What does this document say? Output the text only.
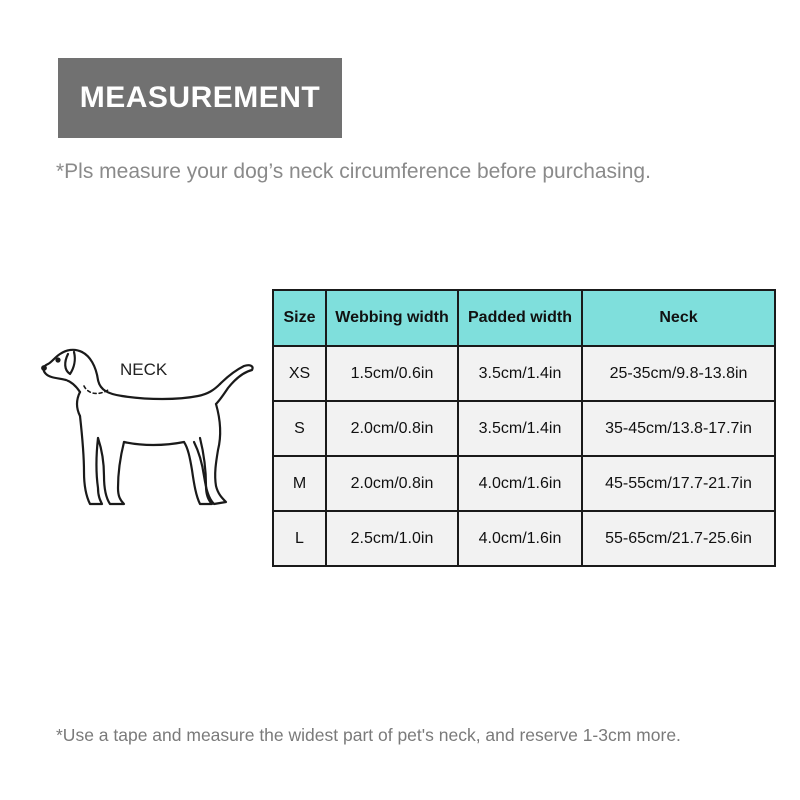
MEASUREMENT
*Pls measure your dog’s neck circumference before purchasing.
NECK
Size	Webbing width	Padded width	Neck
XS	1.5cm/0.6in	3.5cm/1.4in	25-35cm/9.8-13.8in
S	2.0cm/0.8in	3.5cm/1.4in	35-45cm/13.8-17.7in
M	2.0cm/0.8in	4.0cm/1.6in	45-55cm/17.7-21.7in
L	2.5cm/1.0in	4.0cm/1.6in	55-65cm/21.7-25.6in
*Use a tape and measure the widest part of pet's neck, and reserve 1-3cm more.
